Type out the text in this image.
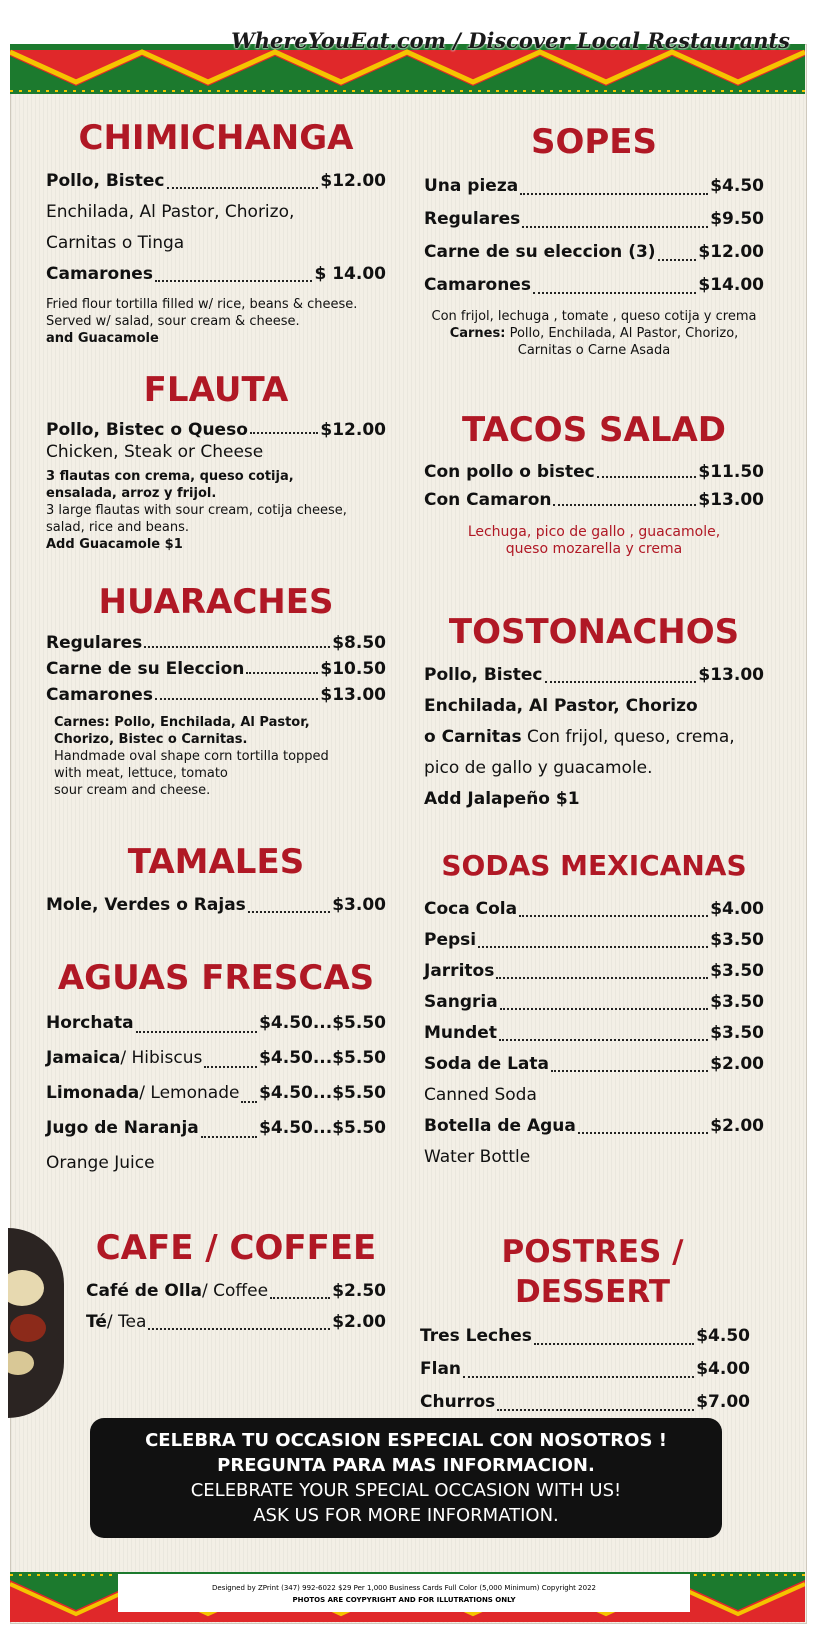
WhereYouEat.com / Discover Local Restaurants
CHIMICHANGA
Pollo, Bistec	$12.00
Enchilada, Al Pastor, Chorizo,
Carnitas o Tinga
Camarones	$ 14.00
Fried flour tortilla filled w/ rice, beans & cheese.
Served w/ salad, sour cream & cheese.
and Guacamole
FLAUTA
Pollo, Bistec o Queso	$12.00
Chicken, Steak or Cheese
3 flautas con crema, queso cotija,
ensalada, arroz y frijol.
3 large flautas with sour cream, cotija cheese,
salad, rice and beans.
Add Guacamole $1
HUARACHES
Regulares	$8.50
Carne de su Eleccion	$10.50
Camarones	$13.00
Carnes: Pollo, Enchilada, Al Pastor,
Chorizo, Bistec o Carnitas.
Handmade oval shape corn tortilla topped
with meat, lettuce, tomato
sour cream and cheese.
TAMALES
Mole, Verdes o Rajas	$3.00
AGUAS FRESCAS
Horchata	$4.50...$5.50
Jamaica / Hibiscus	$4.50...$5.50
Limonada / Lemonade $4.50...$5.50
Jugo de Naranja	$4.50...$5.50
Orange Juice
CAFE / COFFEE
Café de Olla / Coffee	$2.50
Té / Tea	$2.00
SOPES
Una pieza	$4.50
Regulares	$9.50
Carne de su eleccion (3)	$12.00
Camarones	$14.00
Con frijol, lechuga , tomate , queso cotija y crema
Carnes: Pollo, Enchilada, Al Pastor, Chorizo,
Carnitas o Carne Asada
TACOS SALAD
Con pollo o bistec	$11.50
Con Camaron	$13.00
Lechuga, pico de gallo , guacamole,
queso mozarella y crema
TOSTONACHOS
Pollo, Bistec	$13.00
Enchilada, Al Pastor, Chorizo
o Carnitas Con frijol, queso, crema,
pico de gallo y guacamole.
Add Jalapeño $1
SODAS MEXICANAS
Coca Cola	$4.00
Pepsi	$3.50
Jarritos	$3.50
Sangria	$3.50
Mundet	$3.50
Soda de Lata	$2.00
Canned Soda
Botella de Agua	$2.00
Water Bottle
POSTRES / DESSERT
Tres Leches	$4.50
Flan	$4.00
Churros	$7.00
CELEBRA TU OCCASION ESPECIAL CON NOSOTROS !
PREGUNTA PARA MAS INFORMACION.
CELEBRATE YOUR SPECIAL OCCASION WITH US!
ASK US FOR MORE INFORMATION.
Designed by ZPrint (347) 992-6022 $29 Per 1,000 Business Cards Full Color (5,000 Minimum) Copyright 2022
PHOTOS ARE COYPYRIGHT AND FOR ILLUTRATIONS ONLY
